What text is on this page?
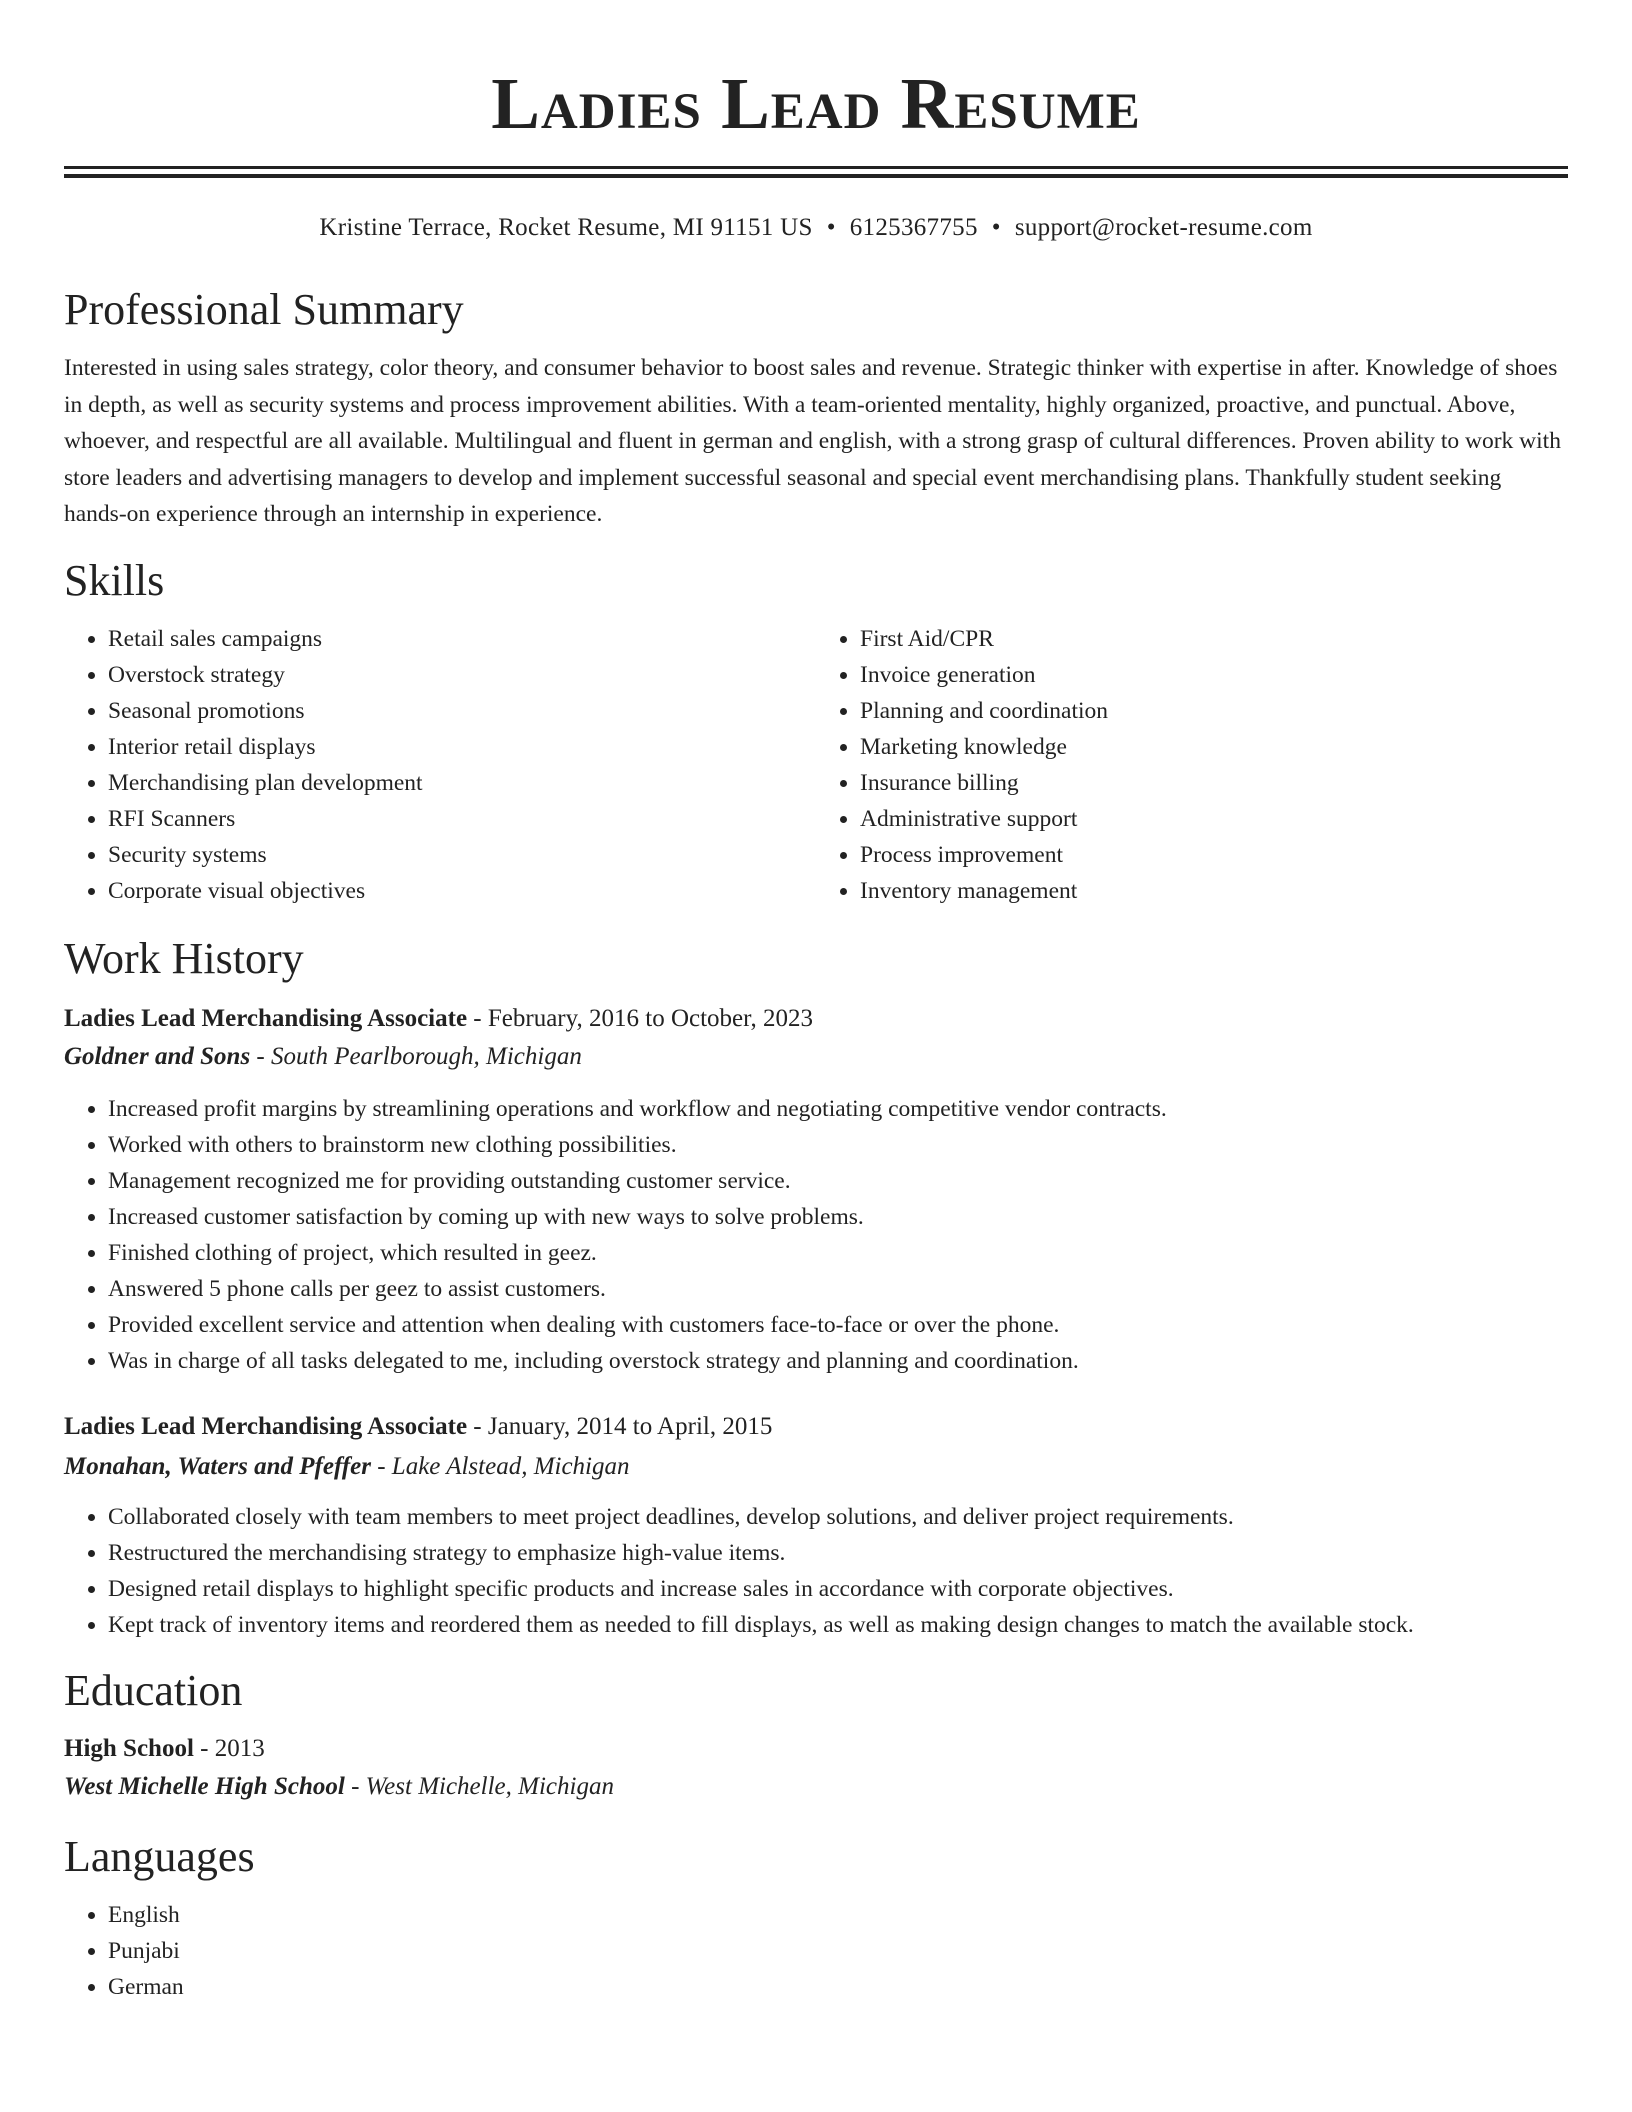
Ladies Lead Resume
Kristine Terrace, Rocket Resume, MI 91151 US • 6125367755 • support@rocket-resume.com
Professional Summary

Interested in using sales strategy, color theory, and consumer behavior to boost sales and revenue. Strategic thinker with expertise in after. Knowledge of shoes in depth, as well as security systems and process improvement abilities. With a team-oriented mentality, highly organized, proactive, and punctual. Above, whoever, and respectful are all available. Multilingual and fluent in german and english, with a strong grasp of cultural differences. Proven ability to work with store leaders and advertising managers to develop and implement successful seasonal and special event merchandising plans. Thankfully student seeking hands-on experience through an internship in experience.

Skills
• Retail sales campaigns
• Overstock strategy
• Seasonal promotions
• Interior retail displays
• Merchandising plan development
• RFI Scanners
• Security systems
• Corporate visual objectives
• First Aid/CPR
• Invoice generation
• Planning and coordination
• Marketing knowledge
• Insurance billing
• Administrative support
• Process improvement
• Inventory management
Work History
Ladies Lead Merchandising Associate - February, 2016 to October, 2023
Goldner and Sons - South Pearlborough, Michigan
• Increased profit margins by streamlining operations and workflow and negotiating competitive vendor contracts.
• Worked with others to brainstorm new clothing possibilities.
• Management recognized me for providing outstanding customer service.
• Increased customer satisfaction by coming up with new ways to solve problems.
• Finished clothing of project, which resulted in geez.
• Answered 5 phone calls per geez to assist customers.
• Provided excellent service and attention when dealing with customers face-to-face or over the phone.
• Was in charge of all tasks delegated to me, including overstock strategy and planning and coordination.
Ladies Lead Merchandising Associate - January, 2014 to April, 2015
Monahan, Waters and Pfeffer - Lake Alstead, Michigan
• Collaborated closely with team members to meet project deadlines, develop solutions, and deliver project requirements.
• Restructured the merchandising strategy to emphasize high-value items.
• Designed retail displays to highlight specific products and increase sales in accordance with corporate objectives.
• Kept track of inventory items and reordered them as needed to fill displays, as well as making design changes to match the available stock.
Education
High School - 2013
West Michelle High School - West Michelle, Michigan
Languages
• English
• Punjabi
• German
